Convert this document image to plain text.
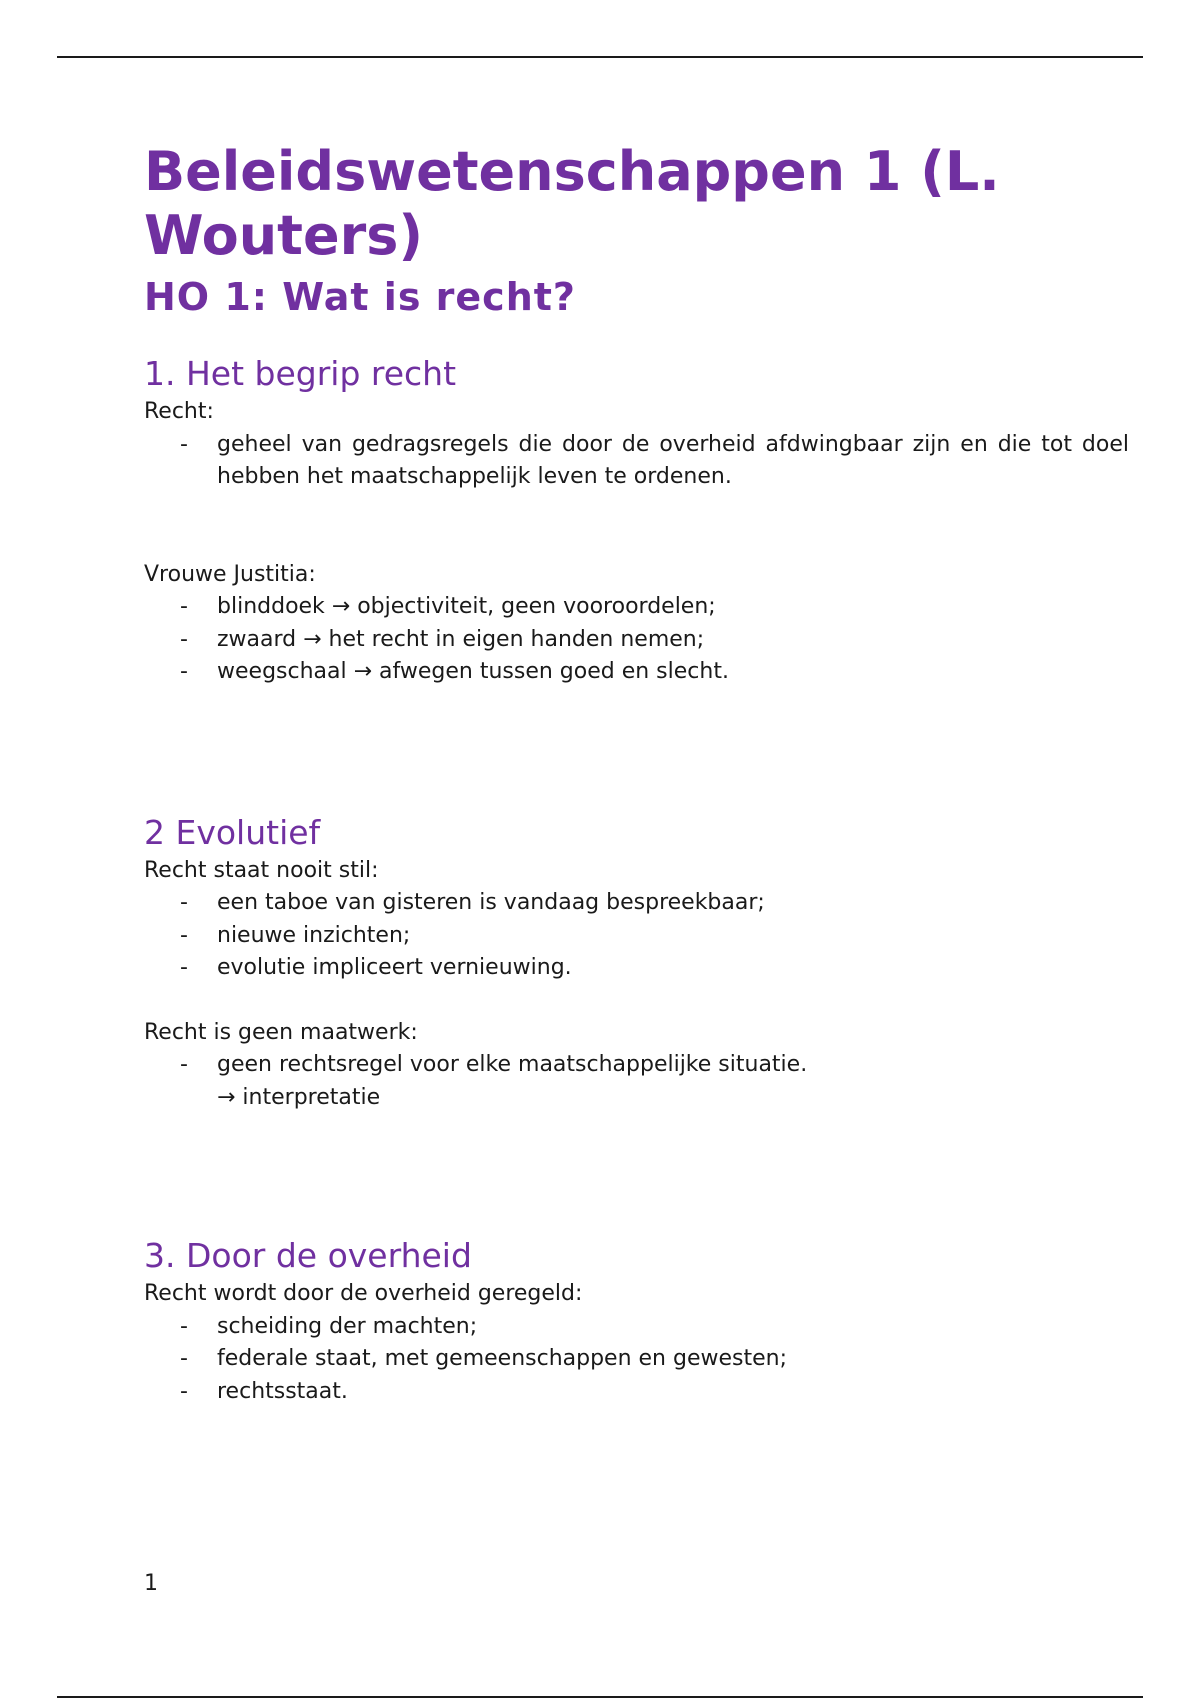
Beleidswetenschappen 1 (L. Wouters)
HO 1: Wat is recht?
1. Het begrip recht

Recht:

- geheel van gedragsregels die door de overheid afdwingbaar zijn en die tot doel hebben het maatschappelijk leven te ordenen.

Vrouwe Justitia:

- blinddoek → objectiviteit, geen vooroordelen;
- zwaard → het recht in eigen handen nemen;
- weegschaal → afwegen tussen goed en slecht.
2 Evolutief

Recht staat nooit stil:

- een taboe van gisteren is vandaag bespreekbaar;
- nieuwe inzichten;
- evolutie impliceert vernieuwing.

Recht is geen maatwerk:

- geen rechtsregel voor elke maatschappelijke situatie.
→ interpretatie
3. Door de overheid

Recht wordt door de overheid geregeld:

- scheiding der machten;
- federale staat, met gemeenschappen en gewesten;
- rechtsstaat.
1
